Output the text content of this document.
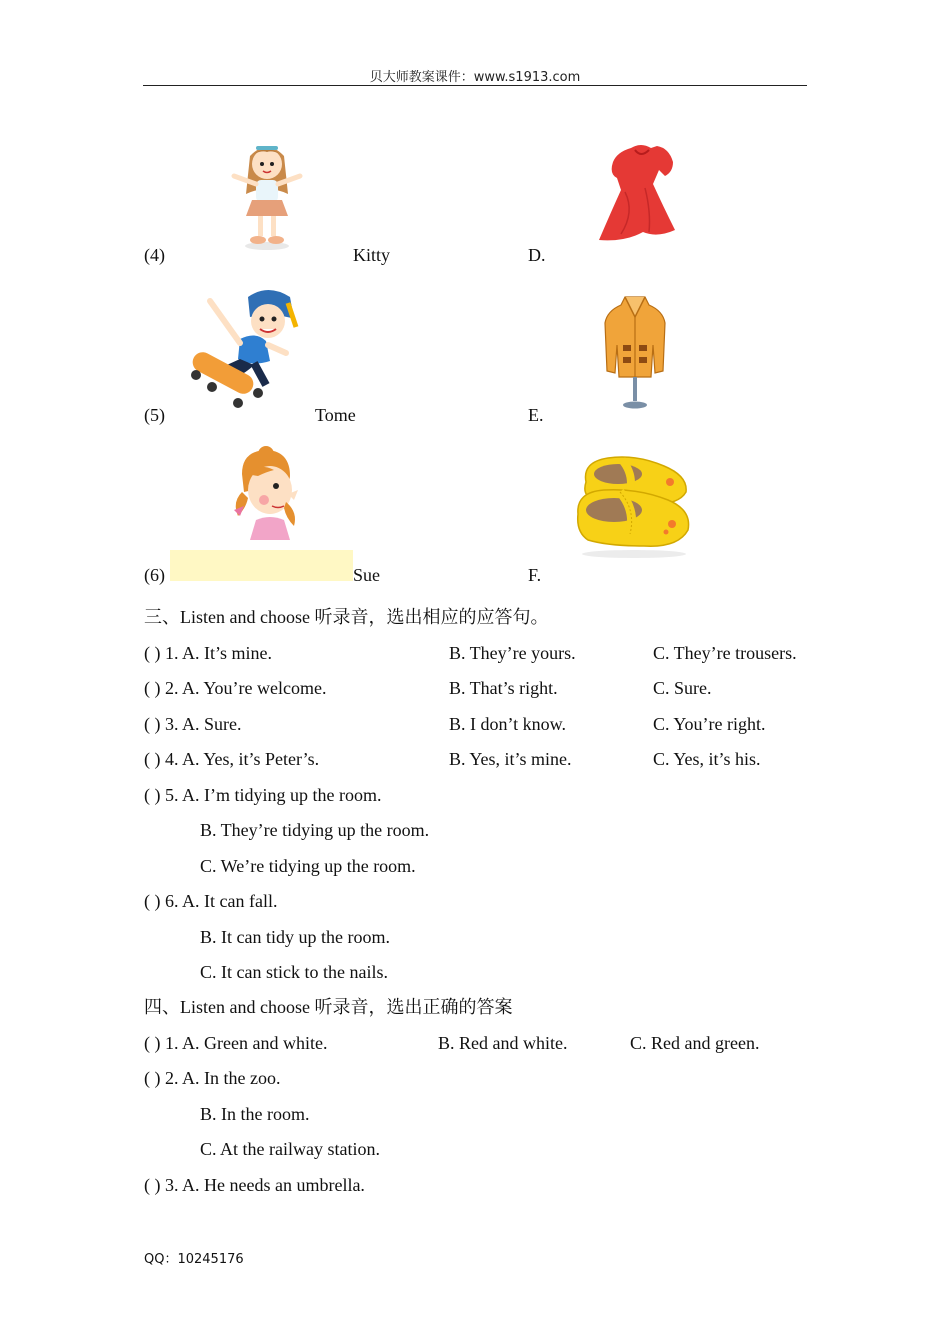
贝大师教案课件：www.s1913.com
(4)	Kitty	D.
(5)	Tome	E.
(6)	Sue	F.
三、Listen and choose 听录音，选出相应的应答句。
( ) 1. A. It’s mine.	B. They’re yours.	C. They’re trousers.
( ) 2. A. You’re welcome.	B. That’s right.	C. Sure.
( ) 3. A. Sure.	B. I don’t know.	C. You’re right.
( ) 4. A. Yes, it’s Peter’s.	B. Yes, it’s mine.	C. Yes, it’s his.
( ) 5. A. I’m tidying up the room.
B. They’re tidying up the room.
C. We’re tidying up the room.
( ) 6. A. It can fall.
B. It can tidy up the room.
C. It can stick to the nails.
四、Listen and choose 听录音，选出正确的答案
( ) 1. A. Green and white.	B. Red and white.	C. Red and green.
( ) 2. A. In the zoo.
B. In the room.
C. At the railway station.
( ) 3. A. He needs an umbrella.
QQ：10245176
